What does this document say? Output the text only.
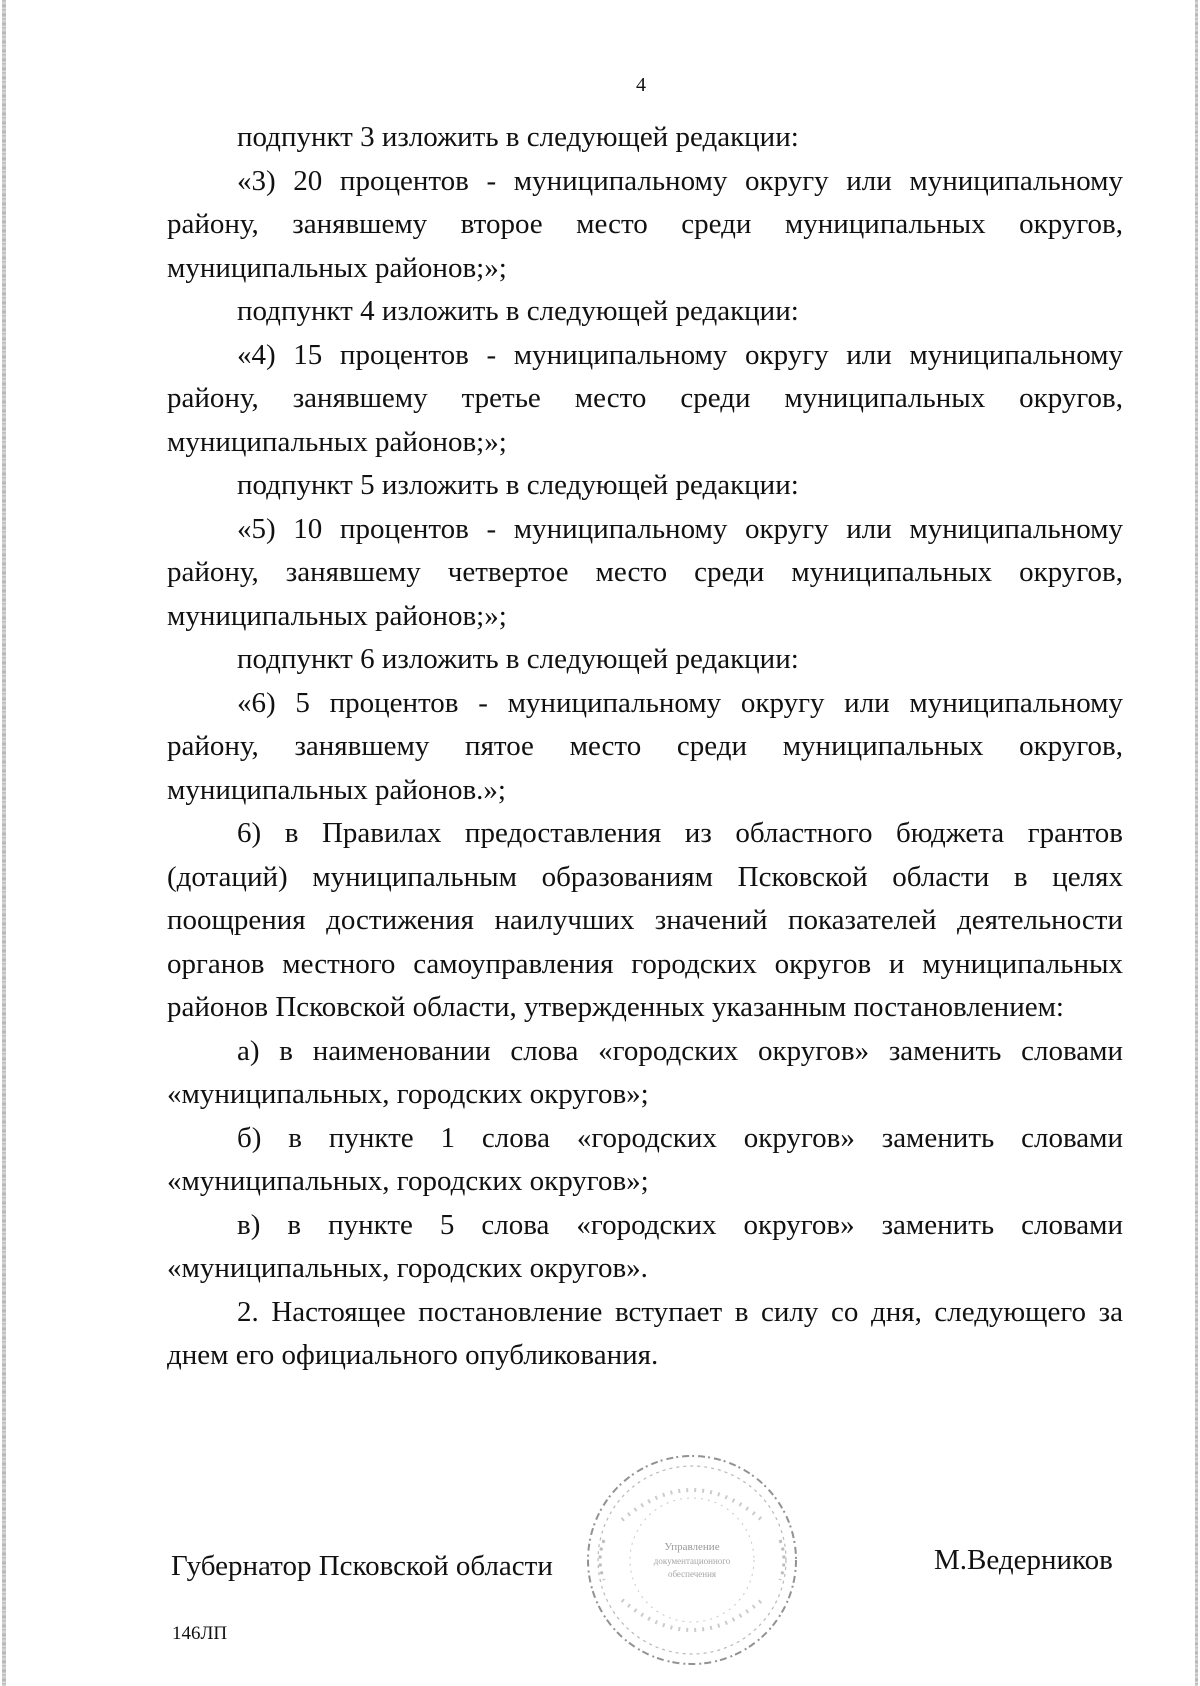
4

подпункт 3 изложить в следующей редакции:

«3) 20 процентов - муниципальному округу или муниципальному району, занявшему второе место среди муниципальных округов, муниципальных районов;»;

подпункт 4 изложить в следующей редакции:

«4) 15 процентов - муниципальному округу или муниципальному району, занявшему третье место среди муниципальных округов, муниципальных районов;»;

подпункт 5 изложить в следующей редакции:

«5) 10 процентов - муниципальному округу или муниципальному району, занявшему четвертое место среди муниципальных округов, муниципальных районов;»;

подпункт 6 изложить в следующей редакции:

«6) 5 процентов - муниципальному округу или муниципальному району, занявшему пятое место среди муниципальных округов, муниципальных районов.»;

6) в Правилах предоставления из областного бюджета грантов (дотаций) муниципальным образованиям Псковской области в целях поощрения достижения наилучших значений показателей деятельности органов местного самоуправления городских округов и муниципальных районов Псковской области, утвержденных указанным постановлением:

а) в наименовании слова «городских округов» заменить словами «муниципальных, городских округов»;

б) в пункте 1 слова «городских округов» заменить словами «муниципальных, городских округов»;

в) в пункте 5 слова «городских округов» заменить словами «муниципальных, городских округов».

2. Настоящее постановление вступает в силу со дня, следующего за днем его официального опубликования.

Губернатор Псковской области	М.Ведерников
146ЛП
Управление
документационного
обеспечения
